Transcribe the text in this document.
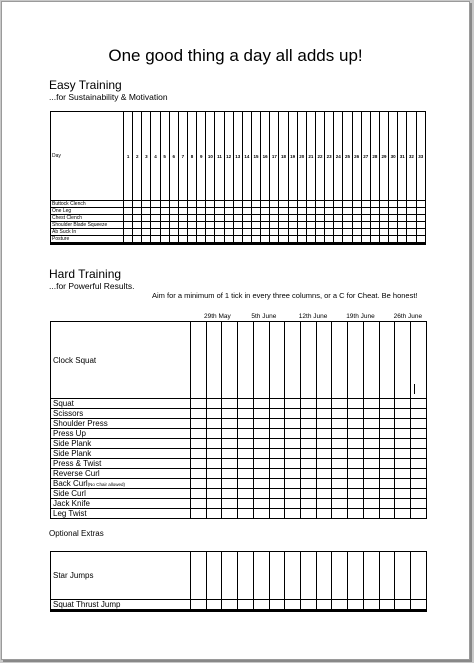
One good thing a day all adds up!
Easy Training
...for Sustainability & Motivation
Day	1	2	3	4	5	6	7	8	9	10	11	12	13	14	15	16	17	18	19	20	21	22	23	24	25	26	27	28	29	30	31	32	33
Buttock Clench																																	
One Leg																																	
Chest Clench																																	
Shoulder Blade Squeeze																																	
Ab Suck In																																	
Posture																																	

Hard Training
...for Powerful Results.
Aim for a minimum of 1 tick in every three columns, or a C for Cheat. Be honest!
29th May	5th June	12th June	19th June	26th June
Clock Squat															
Squat															
Scissors															
Shoulder Press															
Press Up															
Side Plank															
Side Plank															
Press & Twist															
Reverse Curl															
Back Curl(No Chair allowed)															
Side Curl															
Jack Knife															
Leg Twist															
Optional Extras
Star Jumps															
Squat Thrust Jump															
